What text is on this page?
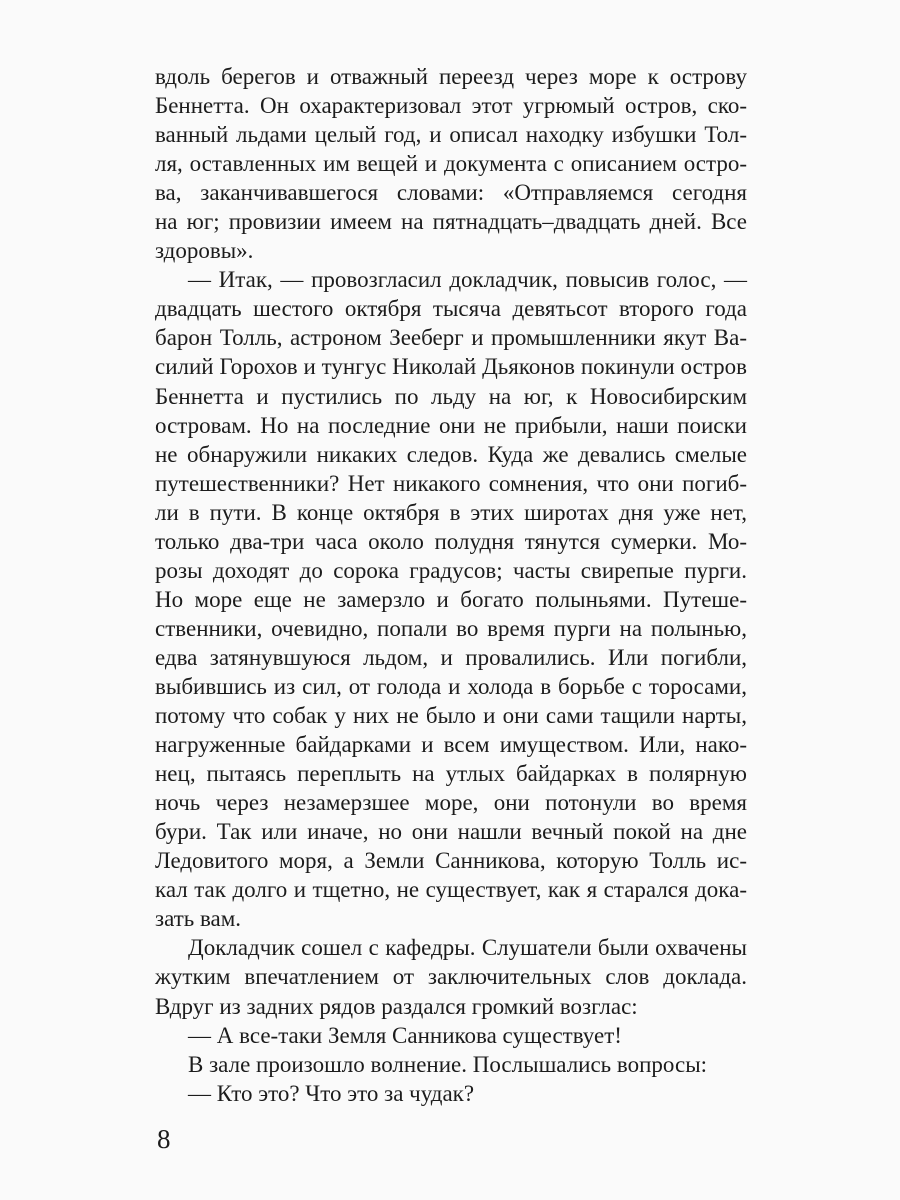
вдоль берегов и отважный переезд через море к острову
Беннетта. Он охарактеризовал этот угрюмый остров, ско-
ванный льдами целый год, и описал находку избушки Тол-
ля, оставленных им вещей и документа с описанием остро-
ва, заканчивавшегося словами: «Отправляемся сегодня
на юг; провизии имеем на пятнадцать–двадцать дней. Все
здоровы».
— Итак, — провозгласил докладчик, повысив голос, —
двадцать шестого октября тысяча девятьсот второго года
барон Толль, астроном Зееберг и промышленники якут Ва-
силий Горохов и тунгус Николай Дьяконов покинули остров
Беннетта и пустились по льду на юг, к Новосибирским
островам. Но на последние они не прибыли, наши поиски
не обнаружили никаких следов. Куда же девались смелые
путешественники? Нет никакого сомнения, что они погиб-
ли в пути. В конце октября в этих широтах дня уже нет,
только два-три часа около полудня тянутся сумерки. Мо-
розы доходят до сорока градусов; часты свирепые пурги.
Но море еще не замерзло и богато полыньями. Путеше-
ственники, очевидно, попали во время пурги на полынью,
едва затянувшуюся льдом, и провалились. Или погибли,
выбившись из сил, от голода и холода в борьбе с торосами,
потому что собак у них не было и они сами тащили нарты,
нагруженные байдарками и всем имуществом. Или, нако-
нец, пытаясь переплыть на утлых байдарках в полярную
ночь через незамерзшее море, они потонули во время
бури. Так или иначе, но они нашли вечный покой на дне
Ледовитого моря, а Земли Санникова, которую Толль ис-
кал так долго и тщетно, не существует, как я старался дока-
зать вам.
Докладчик сошел с кафедры. Слушатели были охвачены
жутким впечатлением от заключительных слов доклада.
Вдруг из задних рядов раздался громкий возглас:
— А все-таки Земля Санникова существует!
В зале произошло волнение. Послышались вопросы:
— Кто это? Что это за чудак?
8
